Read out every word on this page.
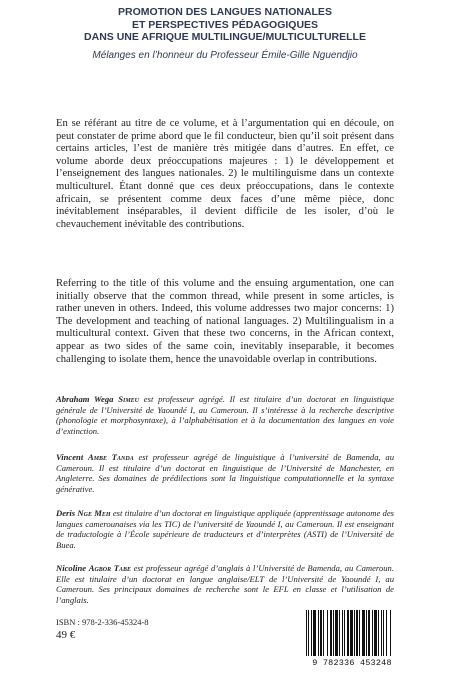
PROMOTION DES LANGUES NATIONALES
ET PERSPECTIVES PÉDAGOGIQUES
DANS UNE AFRIQUE MULTILINGUE/MULTICULTURELLE
Mélanges en l’honneur du Professeur Émile-Gille Nguendjio

En se référant au titre de ce volume, et à l’argumentation qui en découle, on peut constater de prime abord que le fil conducteur, bien qu’il soit présent dans certains articles, l’est de manière très mitigée dans d’autres. En effet, ce volume aborde deux préoccupations majeures : 1) le développement et l’enseignement des langues nationales. 2) le multilinguisme dans un contexte multiculturel. Étant donné que ces deux préoccupations, dans le contexte africain, se présentent comme deux faces d’une même pièce, donc inévitablement inséparables, il devient difficile de les isoler, d’où le chevauchement inévitable des contributions.

Referring to the title of this volume and the ensuing argumentation, one can initially observe that the common thread, while present in some articles, is rather uneven in others. Indeed, this volume addresses two major concerns: 1) The development and teaching of national languages. 2) Multilingualism in a multicultural context. Given that these two concerns, in the African context, appear as two sides of the same coin, inevitably inseparable, it becomes challenging to isolate them, hence the unavoidable overlap in contributions.

Abraham Wega Simeu est professeur agrégé. Il est titulaire d’un doctorat en linguistique générale de l’Université de Yaoundé I, au Cameroun. Il s’intéresse à la recherche descriptive (phonologie et morphosyntaxe), à l’alphabétisation et à la documentation des langues en voie d’extinction.

Vincent Ambe Tanda est professeur agrégé de linguistique à l’université de Bamenda, au Cameroun. Il est titulaire d’un doctorat en linguistique de l’Université de Manchester, en Angleterre. Ses domaines de prédilections sont la linguistique computationnelle et la syntaxe générative.

Deris Nge Meh est titulaire d’un doctorat en linguistique appliquée (apprentissage autonome des langues camerounaises via les TIC) de l’université de Yaoundé I, au Cameroun. Il est enseignant de traductologie à l’École supérieure de traducteurs et d’interprètes (ASTI) de l’Université de Buea.

Nicoline Agbor Tabe est professeur agrégé d’anglais à l’Université de Bamenda, au Cameroun. Elle est titulaire d’un doctorat en langue anglaise/ELT de l’Université de Yaoundé I, au Cameroun. Ses principaux domaines de recherche sont le EFL en classe et l’utilisation de l’anglais.

ISBN : 978-2-336-45324-8
49 €
9 782336 453248
